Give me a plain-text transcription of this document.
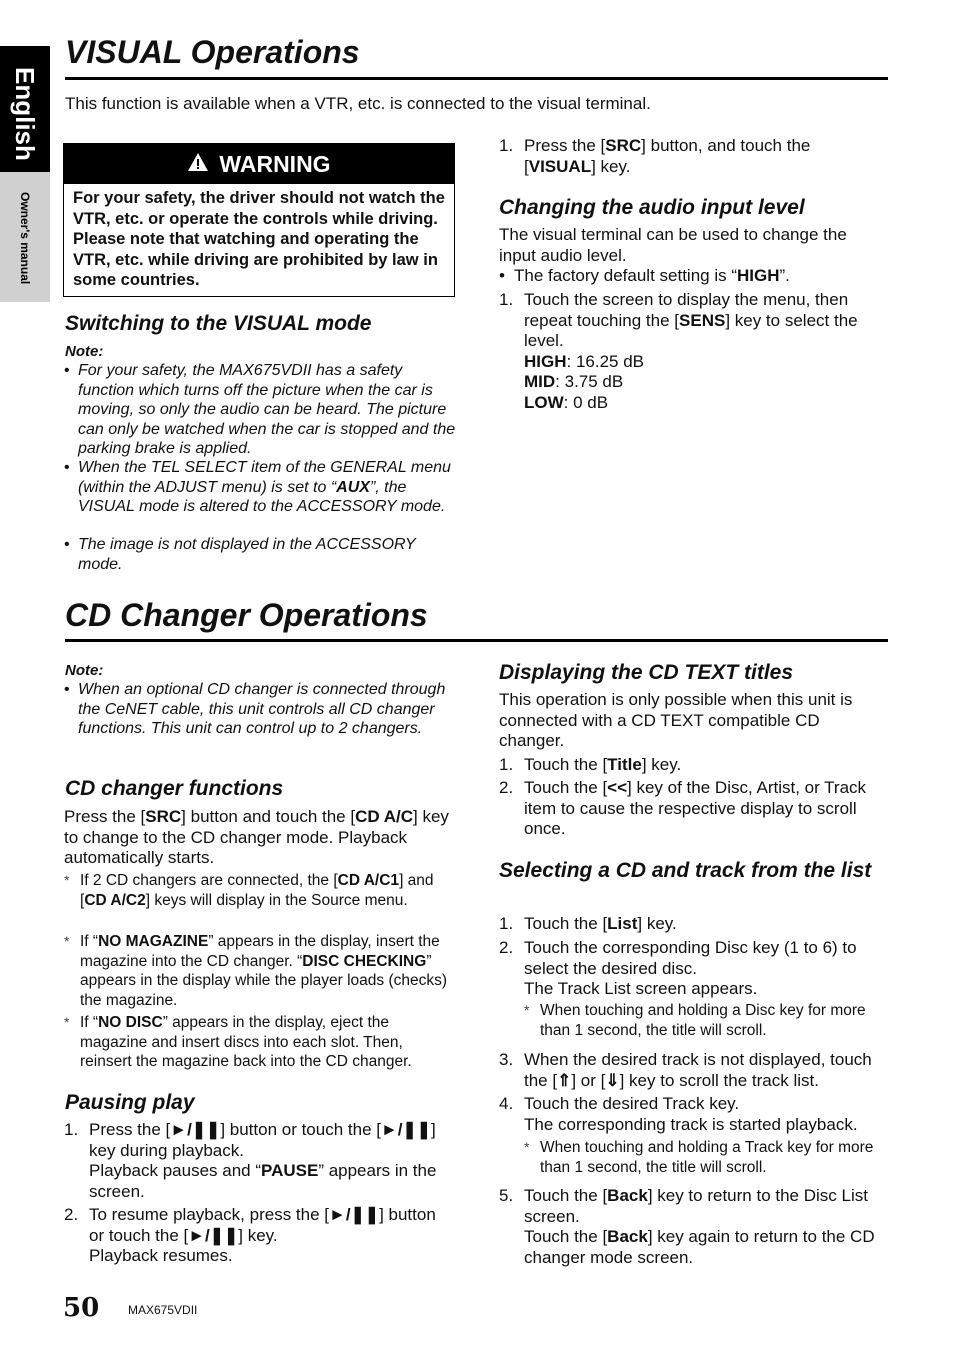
English
Owner's manual
VISUAL Operations

This function is available when a VTR, etc. is connected to the visual terminal.

WARNING
For your safety, the driver should not watch the VTR, etc. or operate the controls while driving. Please note that watching and operating the VTR, etc. while driving are prohibited by law in some countries.
Switching to the VISUAL mode
Note:
• For your safety, the MAX675VDII has a safety function which turns off the picture when the car is moving, so only the audio can be heard. The picture can only be watched when the car is stopped and the parking brake is applied.
• When the TEL SELECT item of the GENERAL menu (within the ADJUST menu) is set to “AUX”, the VISUAL mode is altered to the ACCESSORY mode.
• The image is not displayed in the ACCESSORY mode.
1. Press the [SRC] button, and touch the [VISUAL] key.
Changing the audio input level

The visual terminal can be used to change the input audio level.

• The factory default setting is “HIGH”.
1. Touch the screen to display the menu, then repeat touching the [SENS] key to select the level.
HIGH: 16.25 dB
MID: 3.75 dB
LOW: 0 dB
CD Changer Operations
Note:
• When an optional CD changer is connected through the CeNET cable, this unit controls all CD changer functions. This unit can control up to 2 changers.
CD changer functions
Press the [SRC] button and touch the [CD A/C] key to change to the CD changer mode. Playback automatically starts.
* If 2 CD changers are connected, the [CD A/C1] and [CD A/C2] keys will display in the Source menu.
* If “NO MAGAZINE” appears in the display, insert the magazine into the CD changer. “DISC CHECKING” appears in the display while the player loads (checks) the magazine.
* If “NO DISC” appears in the display, eject the magazine and insert discs into each slot. Then, reinsert the magazine back into the CD changer.
Pausing play
1. Press the [►/❚❚] button or touch the [►/❚❚] key during playback.
Playback pauses and “PAUSE” appears in the screen.
2. To resume playback, press the [►/❚❚] button or touch the [►/❚❚] key.
Playback resumes.
Displaying the CD TEXT titles

This operation is only possible when this unit is connected with a CD TEXT compatible CD changer.

1. Touch the [Title] key.
2. Touch the [<<] key of the Disc, Artist, or Track item to cause the respective display to scroll once.
Selecting a CD and track from the list
1. Touch the [List] key.
2. Touch the corresponding Disc key (1 to 6) to select the desired disc.
The Track List screen appears.
* When touching and holding a Disc key for more than 1 second, the title will scroll.
3. When the desired track is not displayed, touch the [⇑] or [⇓] key to scroll the track list.
4. Touch the desired Track key.
The corresponding track is started playback.
* When touching and holding a Track key for more than 1 second, the title will scroll.
5. Touch the [Back] key to return to the Disc List screen.
Touch the [Back] key again to return to the CD changer mode screen.
50 MAX675VDII
